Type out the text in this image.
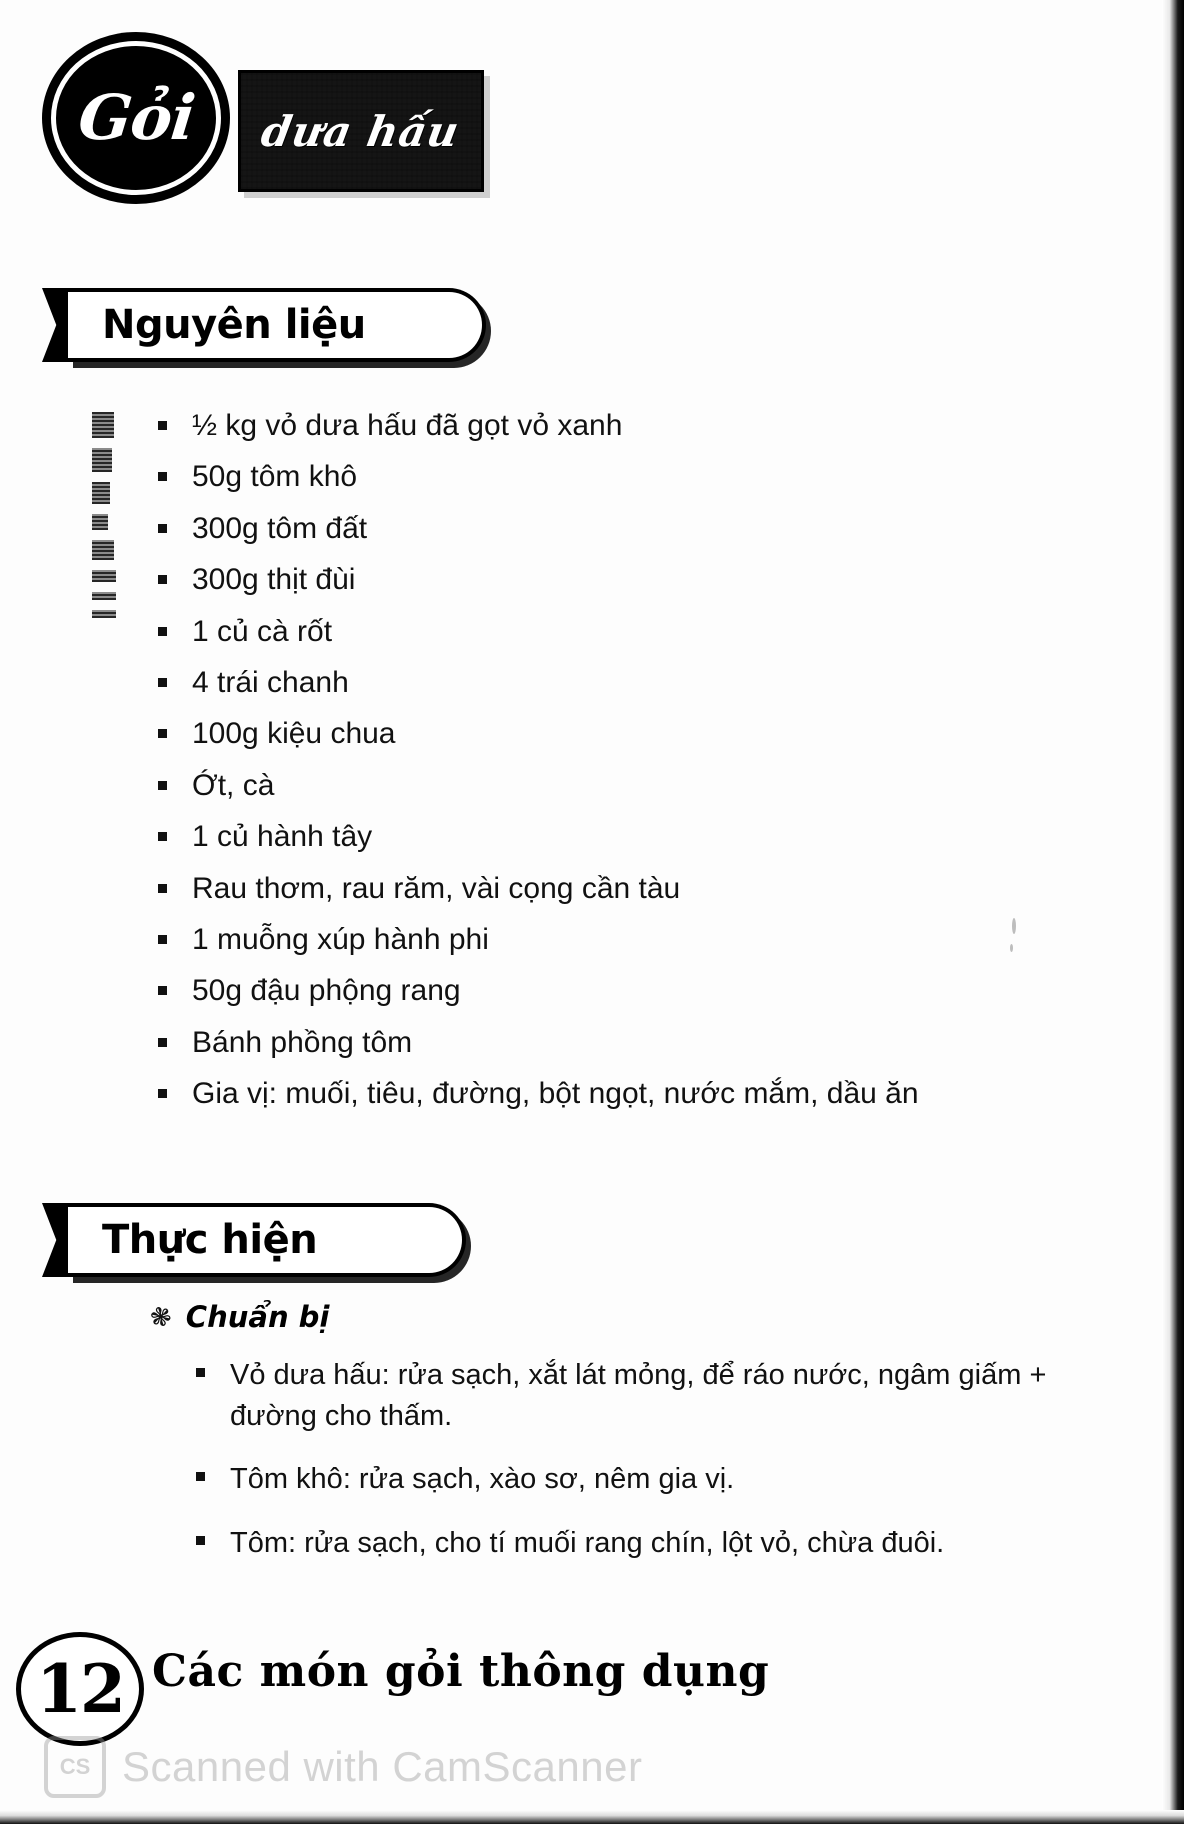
Gỏi dưa hấu
Nguyên liệu
½ kg vỏ dưa hấu đã gọt vỏ xanh
50g tôm khô
300g tôm đất
300g thịt đùi
1 củ cà rốt
4 trái chanh
100g kiệu chua
Ớt, cà
1 củ hành tây
Rau thơm, rau răm, vài cọng cần tàu
1 muỗng xúp hành phi
50g đậu phộng rang
Bánh phồng tôm
Gia vị: muối, tiêu, đường, bột ngọt, nước mắm, dầu ăn
Thực hiện
❃ Chuẩn bị
Vỏ dưa hấu: rửa sạch, xắt lát mỏng, để ráo nước, ngâm giấm + đường cho thấm.
Tôm khô: rửa sạch, xào sơ, nêm gia vị.
Tôm: rửa sạch, cho tí muối rang chín, lột vỏ, chừa đuôi.
12 Các món gỏi thông dụng
CS Scanned with CamScanner
